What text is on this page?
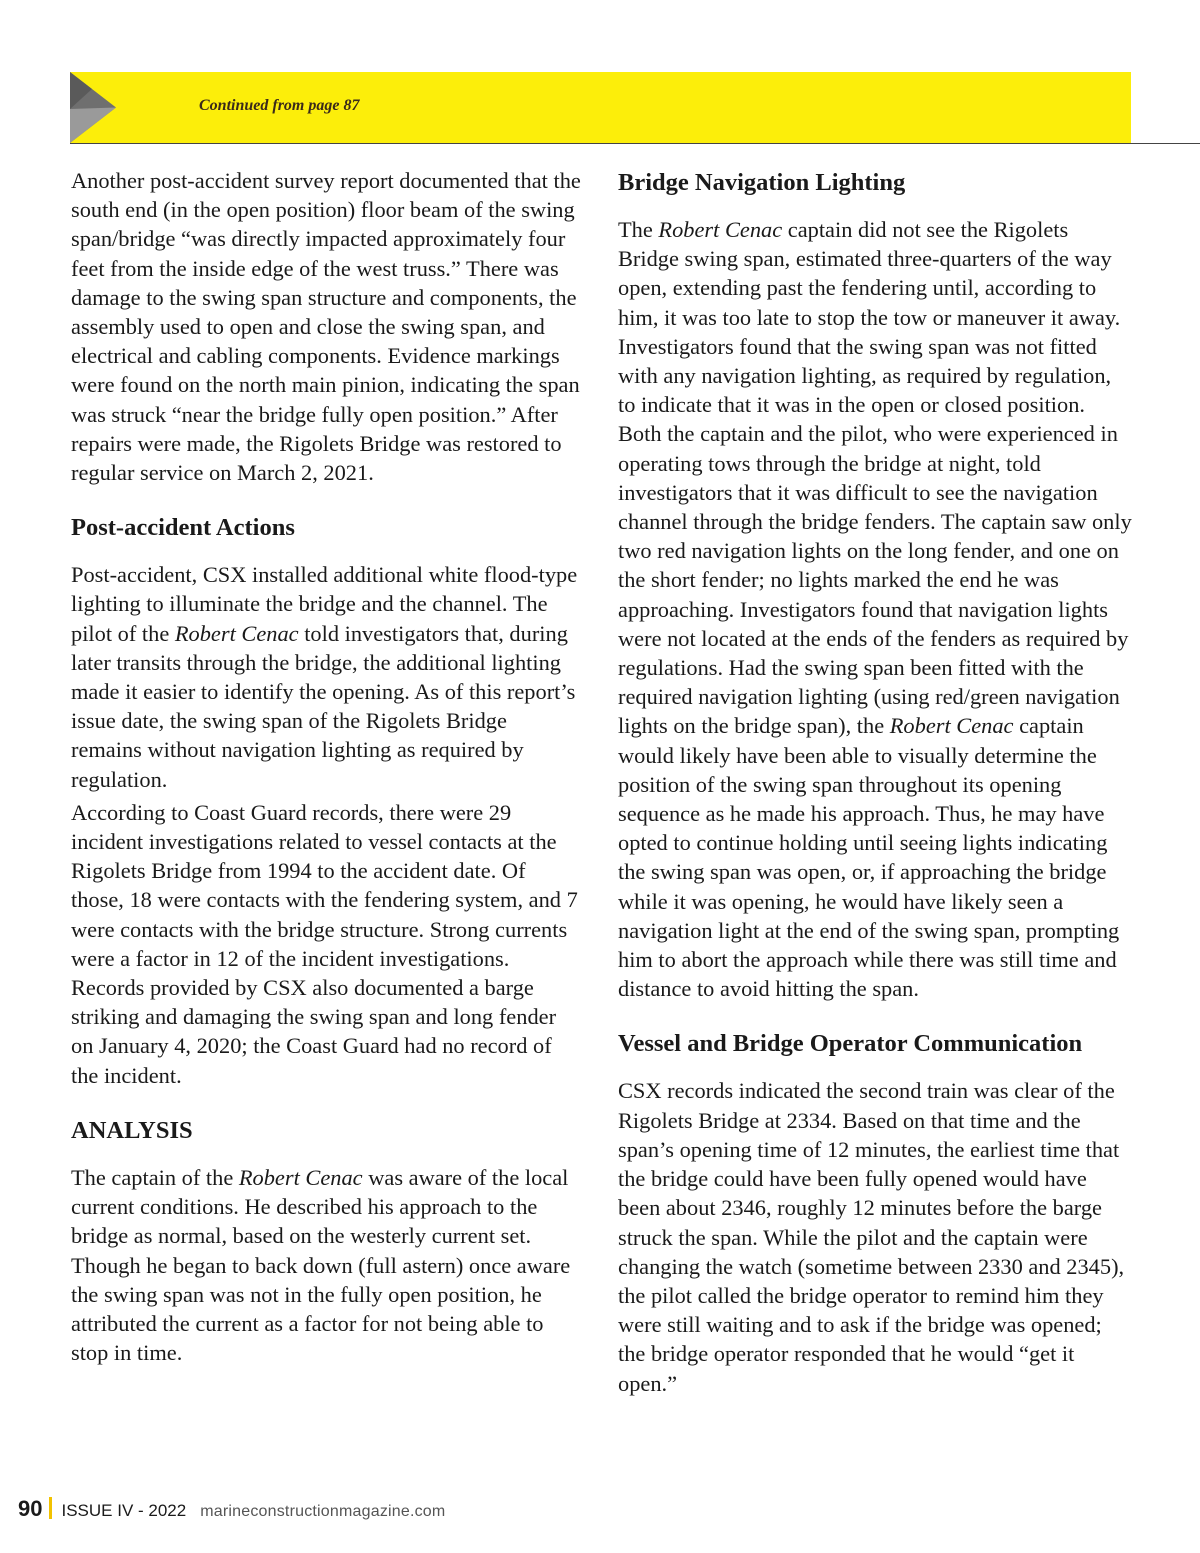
Continued from page 87

Another post-accident survey report documented that the south end (in the open position) floor beam of the swing span/bridge “was directly impacted approximately four feet from the inside edge of the west truss.” There was damage to the swing span structure and components, the assembly used to open and close the swing span, and electrical and cabling components. Evidence markings were found on the north main pinion, indicating the span was struck “near the bridge fully open position.” After repairs were made, the Rigolets Bridge was restored to regular service on March 2, 2021.

Post-accident Actions

Post-accident, CSX installed additional white flood-type lighting to illuminate the bridge and the channel. The pilot of the Robert Cenac told investigators that, during later transits through the bridge, the additional lighting made it easier to identify the opening. As of this report’s issue date, the swing span of the Rigolets Bridge remains without navigation lighting as required by regulation.

According to Coast Guard records, there were 29 incident investigations related to vessel contacts at the Rigolets Bridge from 1994 to the accident date. Of those, 18 were contacts with the fendering system, and 7 were contacts with the bridge structure. Strong currents were a factor in 12 of the incident investigations. Records provided by CSX also documented a barge striking and damaging the swing span and long fender on January 4, 2020; the Coast Guard had no record of the incident.

ANALYSIS

The captain of the Robert Cenac was aware of the local current conditions. He described his approach to the bridge as normal, based on the westerly current set. Though he began to back down (full astern) once aware the swing span was not in the fully open position, he attributed the current as a factor for not being able to stop in time.

Bridge Navigation Lighting

The Robert Cenac captain did not see the Rigolets Bridge swing span, estimated three-quarters of the way open, extending past the fendering until, according to him, it was too late to stop the tow or maneuver it away. Investigators found that the swing span was not fitted with any navigation lighting, as required by regulation, to indicate that it was in the open or closed position. Both the captain and the pilot, who were experienced in operating tows through the bridge at night, told investigators that it was difficult to see the navigation channel through the bridge fenders. The captain saw only two red navigation lights on the long fender, and one on the short fender; no lights marked the end he was approaching. Investigators found that navigation lights were not located at the ends of the fenders as required by regulations. Had the swing span been fitted with the required navigation lighting (using red/green navigation lights on the bridge span), the Robert Cenac captain would likely have been able to visually determine the position of the swing span throughout its opening sequence as he made his approach. Thus, he may have opted to continue holding until seeing lights indicating the swing span was open, or, if approaching the bridge while it was opening, he would have likely seen a navigation light at the end of the swing span, prompting him to abort the approach while there was still time and distance to avoid hitting the span.

Vessel and Bridge Operator Communication

CSX records indicated the second train was clear of the Rigolets Bridge at 2334. Based on that time and the span’s opening time of 12 minutes, the earliest time that the bridge could have been fully opened would have been about 2346, roughly 12 minutes before the barge struck the span. While the pilot and the captain were changing the watch (sometime between 2330 and 2345), the pilot called the bridge operator to remind him they were still waiting and to ask if the bridge was opened; the bridge operator responded that he would “get it open.”

90 ISSUE IV - 2022 marineconstructionmagazine.com
